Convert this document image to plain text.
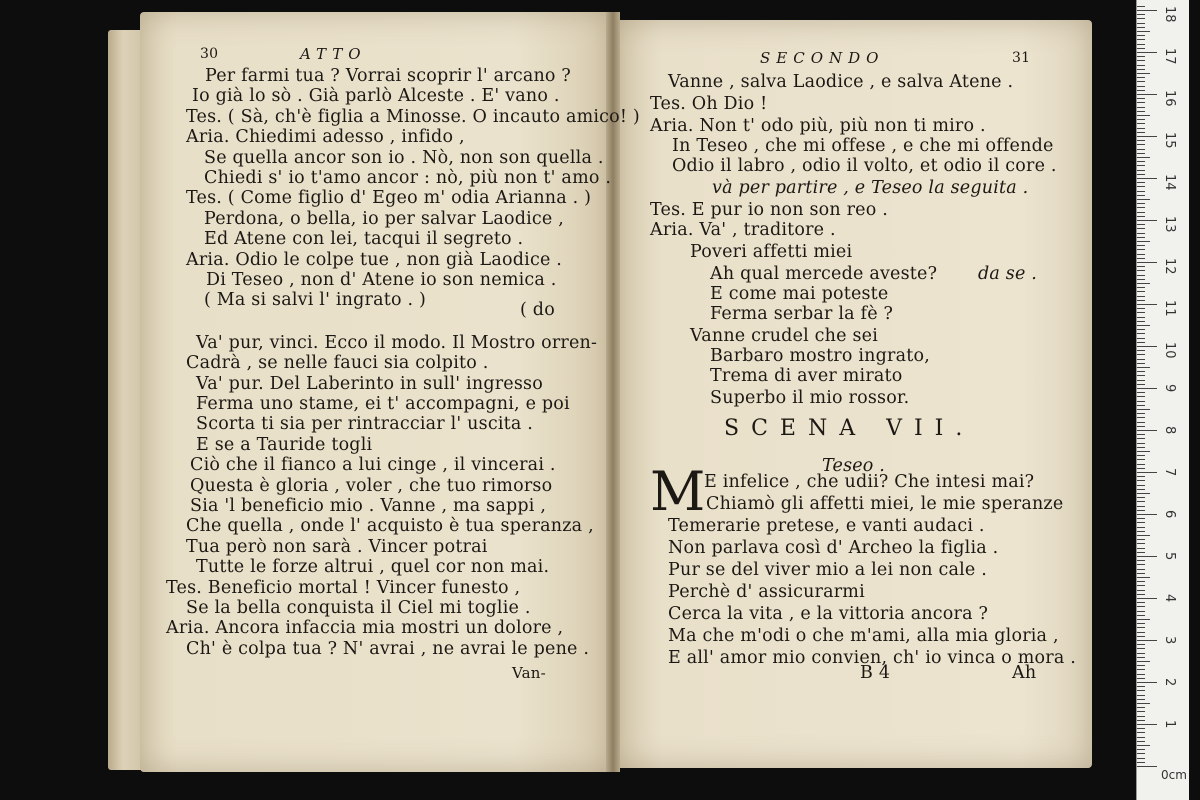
30	ATTO
Per farmi tua ? Vorrai scoprir l' arcano ?
Io già lo sò . Già parlò Alceste . E' vano .
Tes. ( Sà, ch'è figlia a Minosse. O incauto amico! )
Aria. Chiedimi adesso , infido ,
Se quella ancor son io . Nò, non son quella .
Chiedi s' io t'amo ancor : nò, più non t' amo .
Tes. ( Come figlio d' Egeo m' odia Arianna . )
Perdona, o bella, io per salvar Laodice ,
Ed Atene con lei, tacqui il segreto .
Aria. Odio le colpe tue , non già Laodice .
Di Teseo , non d' Atene io son nemica .
( Ma si salvi l' ingrato . )	( do
Va' pur, vinci. Ecco il modo. Il Mostro orren-
Cadrà , se nelle fauci sia colpito .
Va' pur. Del Laberinto in sull' ingresso
Ferma uno stame, ei t' accompagni, e poi
Scorta ti sia per rintracciar l' uscita .
E se a Tauride togli
Ciò che il fianco a lui cinge , il vincerai .
Questa è gloria , voler , che tuo rimorso
Sia 'l beneficio mio . Vanne , ma sappi ,
Che quella , onde l' acquisto è tua speranza ,
Tua però non sarà . Vincer potrai
Tutte le forze altrui , quel cor non mai.
Tes. Beneficio mortal ! Vincer funesto ,
Se la bella conquista il Ciel mi toglie .
Aria. Ancora infaccia mia mostri un dolore ,
Ch' è colpa tua ? N' avrai , ne avrai le pene .
SECONDO	31
SCENA VII.
Teseo .
M
B 4	Ah
Vanne , salva Laodice , e salva Atene .
Tes. Oh Dio !
Aria. Non t' odo più, più non ti miro .
In Teseo , che mi offese , e che mi offende
Odio il labro , odio il volto, et odio il core .
và per partire , e Teseo la seguita .
Tes. E pur io non son reo .
Aria. Va' , traditore .
Poveri affetti miei
Ah qual mercede aveste? da se .
E come mai poteste
Ferma serbar la fè ?
Vanne crudel che sei
Barbaro mostro ingrato,
Trema di aver mirato
Superbo il mio rossor.
E infelice , che udii? Che intesi mai?
Chiamò gli affetti miei, le mie speranze
Temerarie pretese, e vanti audaci .
Non parlava così d' Archeo la figlia .
Pur se del viver mio a lei non cale .
Perchè d' assicurarmi
Cerca la vita , e la vittoria ancora ?
Ma che m'odi o che m'ami, alla mia gloria ,
E all' amor mio convien, ch' io vinca o mora .
Van-
1
2
3
4
5
6
7
8
9
10
11
12
13
14
15
16
17
18
0cm
